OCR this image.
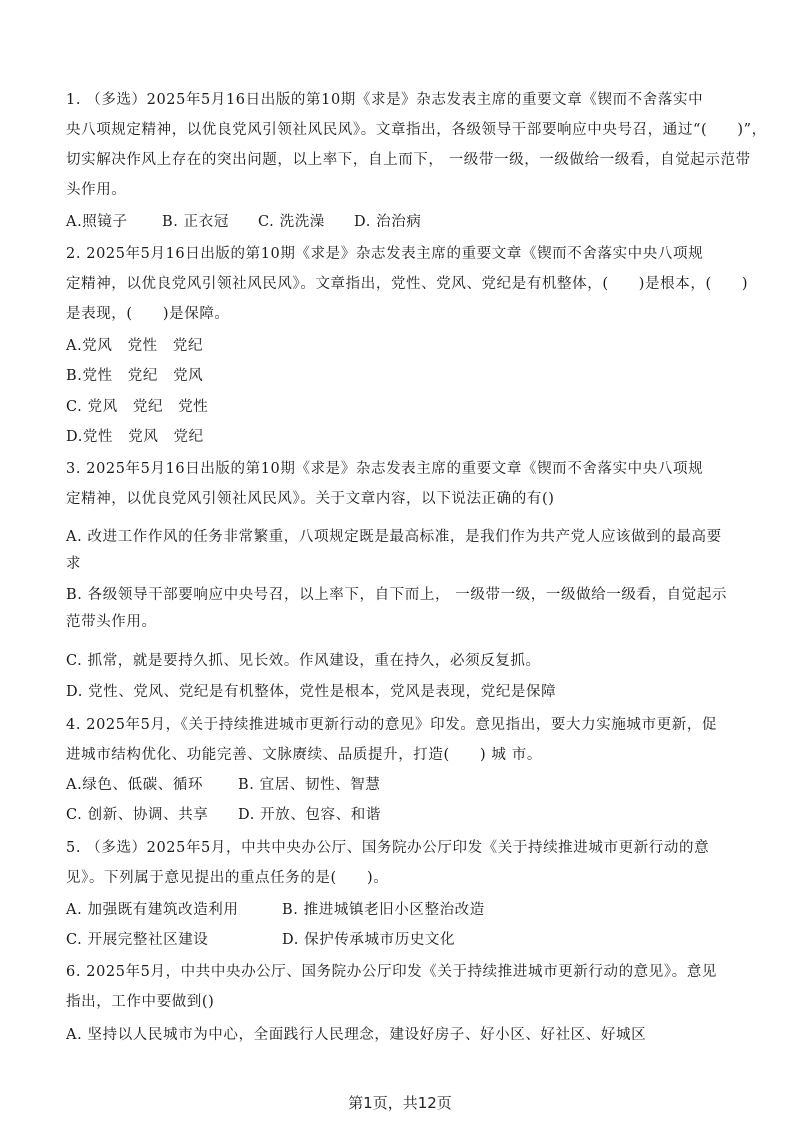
1. （多选）2025年5月16日出版的第10期《求是》杂志发表主席的重要文章《锲而不舍落实中
央八项规定精神，以优良党风引领社风民风》。文章指出，各级领导干部要响应中央号召，通过“(　　)”，
切实解决作风上存在的突出问题，以上率下，自上而下， 一级带一级，一级做给一级看，自觉起示范带
头作用。
A.照镜子 B. 正衣冠 C. 洗洗澡 D. 治治病
2. 2025年5月16日出版的第10期《求是》杂志发表主席的重要文章《锲而不舍落实中央八项规
定精神，以优良党风引领社风民风》。文章指出，党性、党风、党纪是有机整体，(　　)是根本，(　　)
是表现，(　　)是保障。
A.党风　党性　党纪
B.党性　党纪　党风
C. 党风　党纪　党性
D.党性　党风　党纪
3. 2025年5月16日出版的第10期《求是》杂志发表主席的重要文章《锲而不舍落实中央八项规
定精神，以优良党风引领社风民风》。关于文章内容，以下说法正确的有()
A. 改进工作作风的任务非常繁重，八项规定既是最高标准，是我们作为共产党人应该做到的最高要
求
B. 各级领导干部要响应中央号召，以上率下，自下而上， 一级带一级，一级做给一级看，自觉起示
范带头作用。
C. 抓常，就是要持久抓、见长效。作风建设，重在持久，必须反复抓。
D. 党性、党风、党纪是有机整体，党性是根本，党风是表现，党纪是保障
4. 2025年5月，《关于持续推进城市更新行动的意见》印发。意见指出，要大力实施城市更新，促
进城市结构优化、功能完善、文脉赓续、品质提升，打造(　　) 城 市。
A.绿色、低碳、循环 B. 宜居、韧性、智慧
C. 创新、协调、共享 D. 开放、包容、和谐
5. （多选）2025年5月，中共中央办公厅、国务院办公厅印发《关于持续推进城市更新行动的意
见》。下列属于意见提出的重点任务的是(　　)。
A. 加强既有建筑改造利用	B. 推进城镇老旧小区整治改造
C. 开展完整社区建设	D. 保护传承城市历史文化
6. 2025年5月，中共中央办公厅、国务院办公厅印发《关于持续推进城市更新行动的意见》。意见
指出，工作中要做到()
A. 坚持以人民城市为中心，全面践行人民理念，建设好房子、好小区、好社区、好城区
第1页，共12页
